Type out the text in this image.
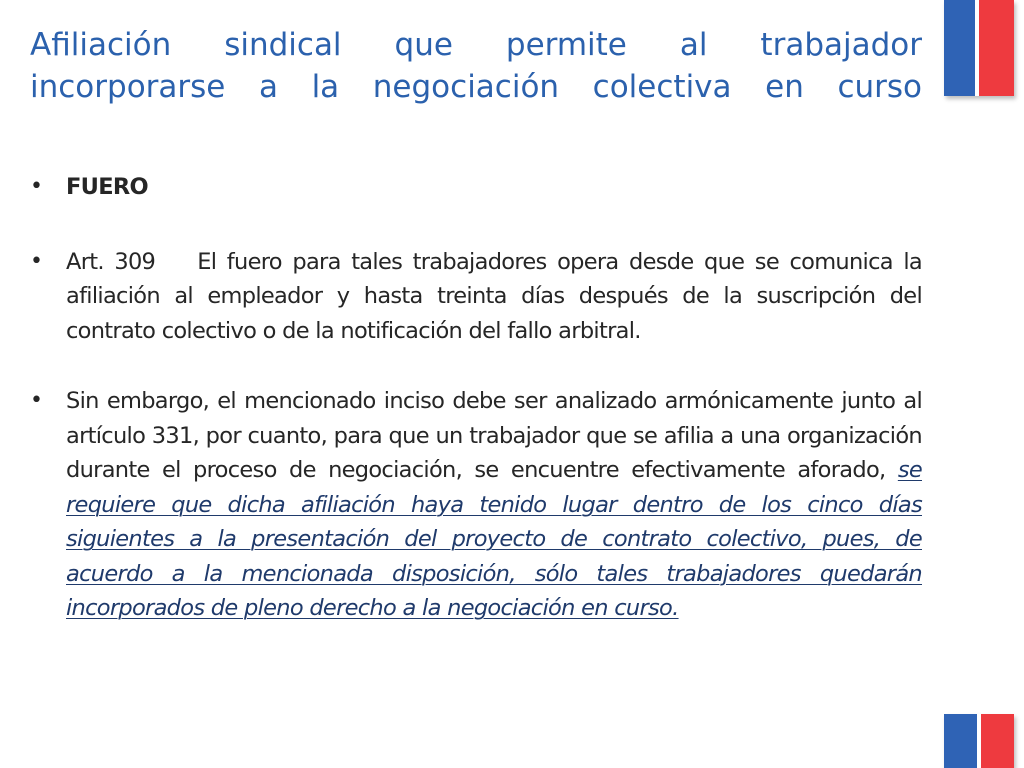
Afiliación sindical que permite al trabajador
incorporarse a la negociación colectiva en curso
•	FUERO
•	Art. 309 El fuero para tales trabajadores opera desde que se comunica la afiliación al empleador y hasta treinta días después de la suscripción del contrato colectivo o de la notificación del fallo arbitral.
•	Sin embargo, el mencionado inciso debe ser analizado armónicamente junto al artículo 331, por cuanto, para que un trabajador que se afilia a una organización durante el proceso de negociación, se encuentre efectivamente aforado, se requiere que dicha afiliación haya tenido lugar dentro de los cinco días siguientes a la presentación del proyecto de contrato colectivo, pues, de acuerdo a la mencionada disposición, sólo tales trabajadores quedarán incorporados de pleno derecho a la negociación en curso.
